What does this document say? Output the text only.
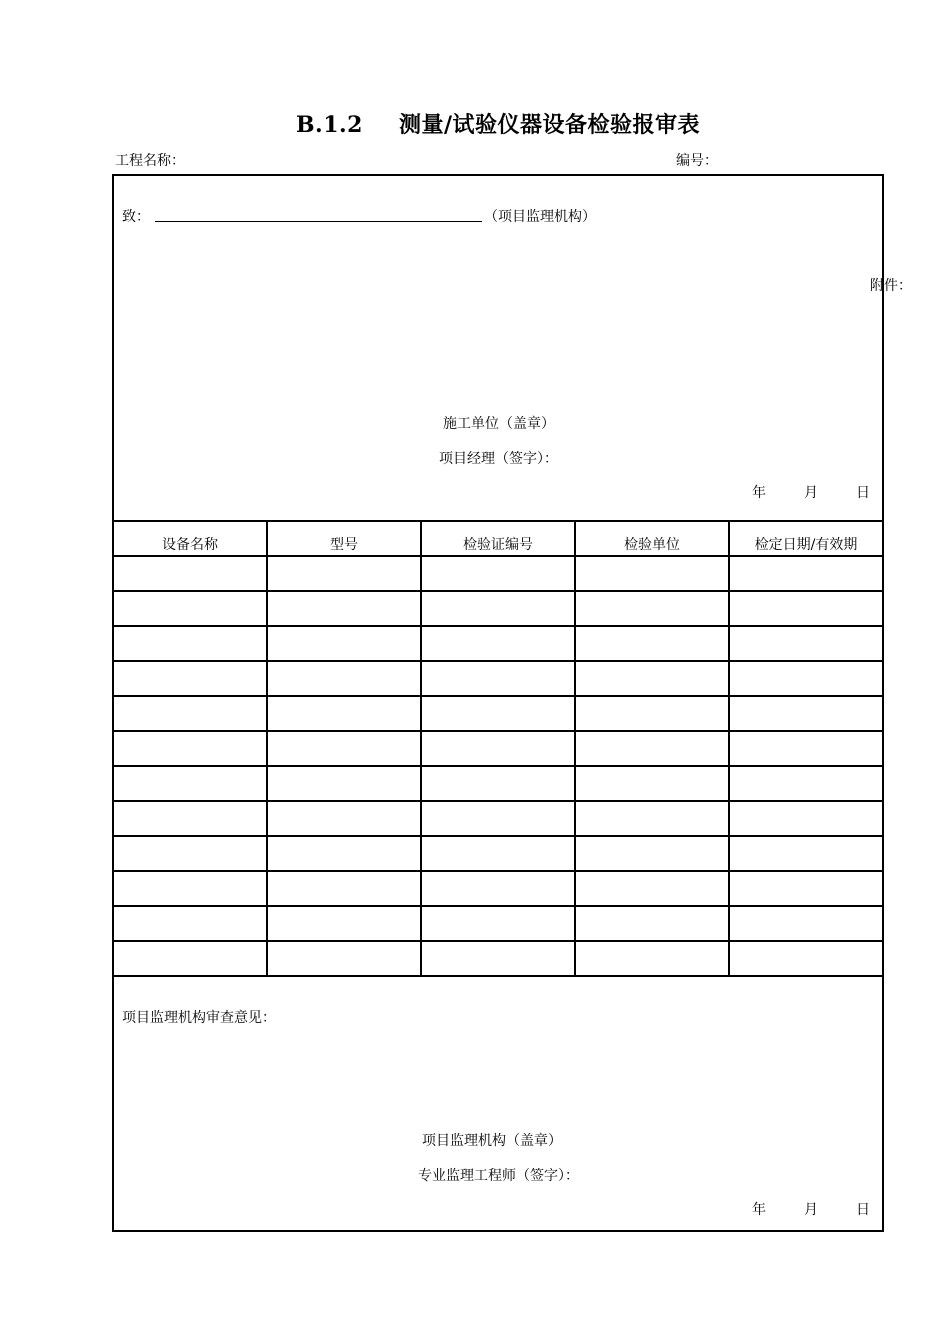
B.1.2 测量/试验仪器设备检验报审表
工程名称：	编号：
致：	（项目监理机构）
附件：
施工单位（盖章）
项目经理（签字）：
年	月	日
设备名称	型号	检验证编号	检验单位	检定日期/有效期

项目监理机构审查意见：
项目监理机构（盖章）
专业监理工程师（签字）：
年	月	日
